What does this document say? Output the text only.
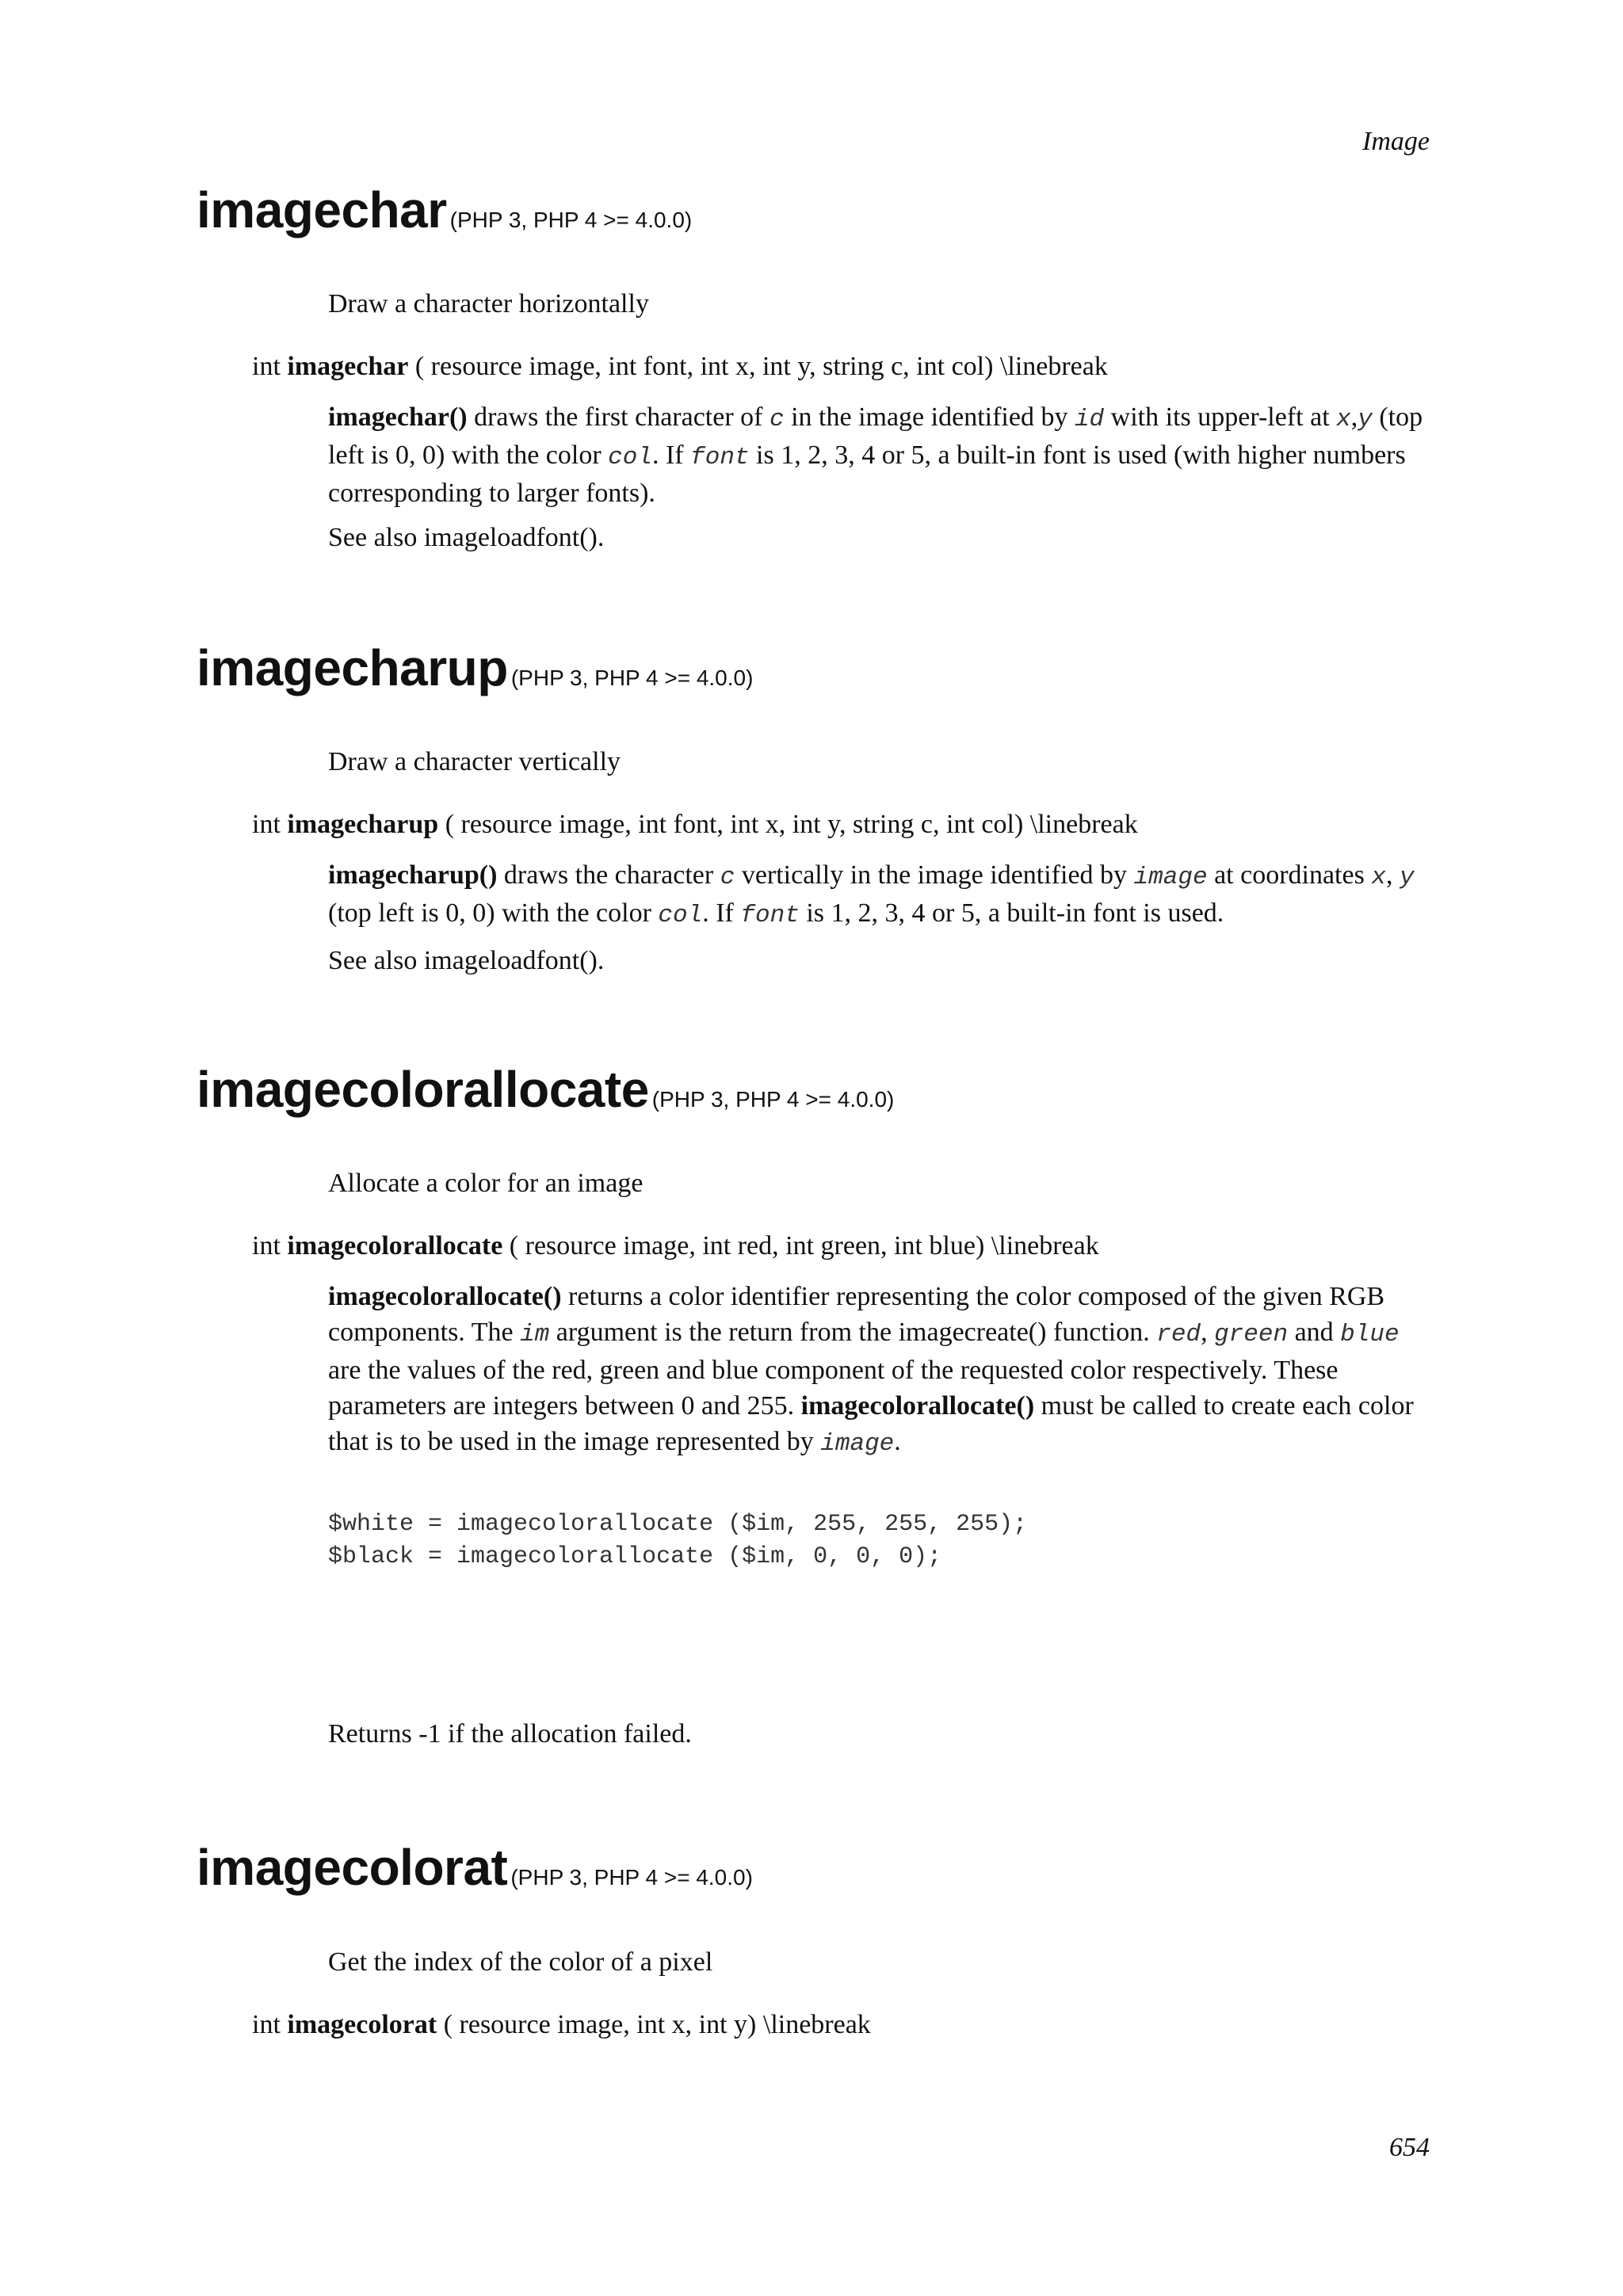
Image
imagechar (PHP 3, PHP 4 >= 4.0.0)
Draw a character horizontally
int imagechar ( resource image, int font, int x, int y, string c, int col) \linebreak

imagechar() draws the first character of c in the image identified by id with its upper-left at x,y (top left is 0, 0) with the color col. If font is 1, 2, 3, 4 or 5, a built-in font is used (with higher numbers corresponding to larger fonts).

See also imageloadfont().
imagecharup (PHP 3, PHP 4 >= 4.0.0)
Draw a character vertically
int imagecharup ( resource image, int font, int x, int y, string c, int col) \linebreak

imagecharup() draws the character c vertically in the image identified by image at coordinates x, y (top left is 0, 0) with the color col. If font is 1, 2, 3, 4 or 5, a built-in font is used.

See also imageloadfont().
imagecolorallocate (PHP 3, PHP 4 >= 4.0.0)
Allocate a color for an image
int imagecolorallocate ( resource image, int red, int green, int blue) \linebreak

imagecolorallocate() returns a color identifier representing the color composed of the given RGB components. The im argument is the return from the imagecreate() function. red, green and blue are the values of the red, green and blue component of the requested color respectively. These parameters are integers between 0 and 255. imagecolorallocate() must be called to create each color that is to be used in the image represented by image.

$white = imagecolorallocate ($im, 255, 255, 255);
$black = imagecolorallocate ($im, 0, 0, 0);
Returns -1 if the allocation failed.
imagecolorat (PHP 3, PHP 4 >= 4.0.0)
Get the index of the color of a pixel
int imagecolorat ( resource image, int x, int y) \linebreak
654
